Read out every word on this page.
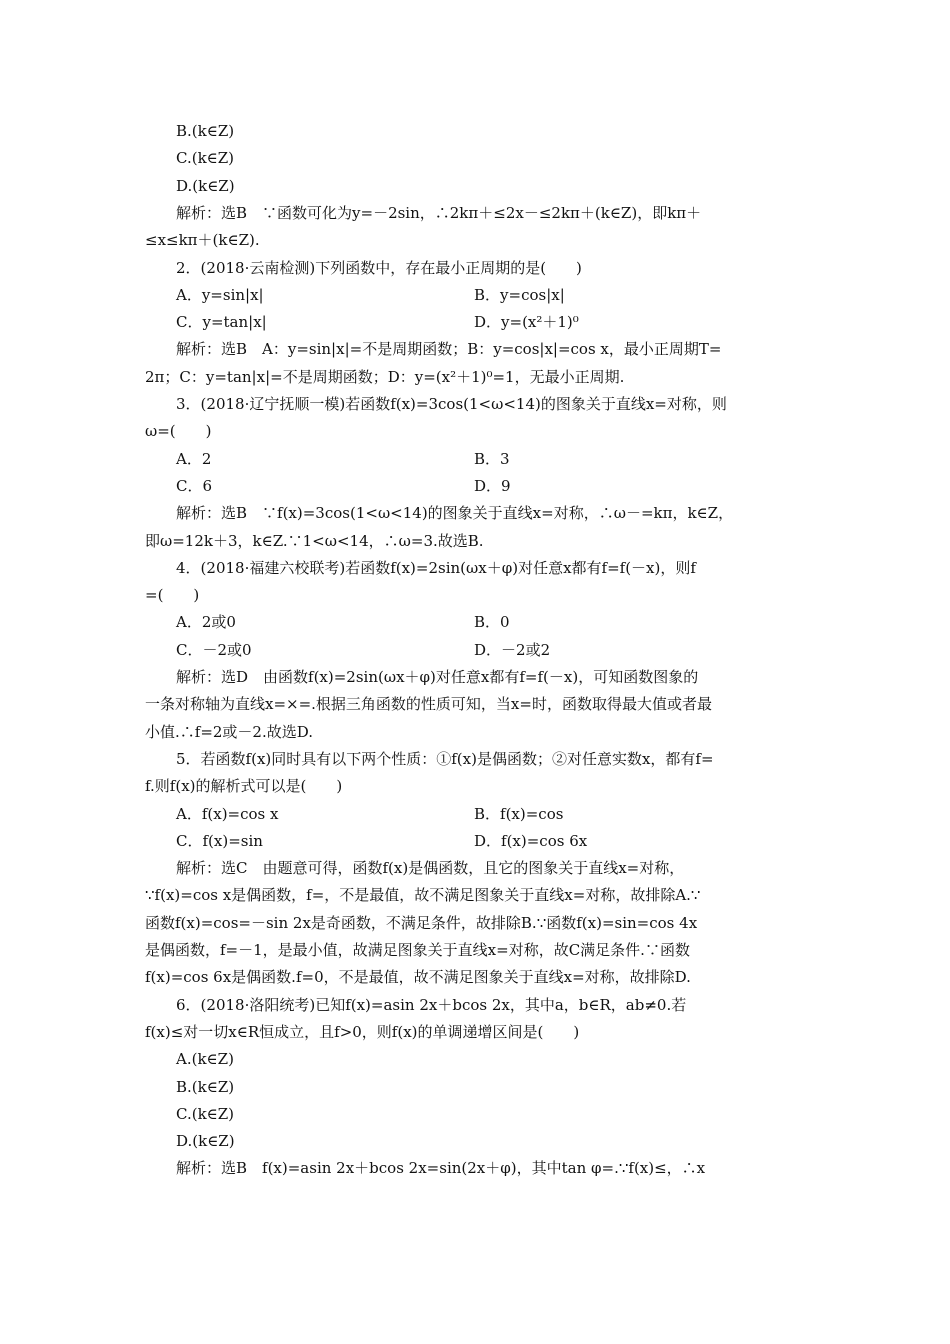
B.(k∈Z)
C.(k∈Z)
D.(k∈Z)
解析：选B　∵函数可化为y=－2sin，∴2kπ＋≤2x－≤2kπ＋(k∈Z)，即kπ＋
≤x≤kπ＋(k∈Z).
2．(2018·云南检测)下列函数中，存在最小正周期的是(　　)
A．y=sin|x|	B．y=cos|x|
C．y=tan|x|	D．y=(x²＋1)⁰
解析：选B　A：y=sin|x|=不是周期函数；B：y=cos|x|=cos x，最小正周期T=
2π；C：y=tan|x|=不是周期函数；D：y=(x²＋1)⁰=1，无最小正周期.
3．(2018·辽宁抚顺一模)若函数f(x)=3cos(1<ω<14)的图象关于直线x=对称，则
ω=(　　)
A．2	B．3
C．6	D．9
解析：选B　∵f(x)=3cos(1<ω<14)的图象关于直线x=对称，∴ω－=kπ，k∈Z，
即ω=12k＋3，k∈Z.∵1<ω<14，∴ω=3.故选B.
4．(2018·福建六校联考)若函数f(x)=2sin(ωx＋φ)对任意x都有f=f(－x)，则f
=(　　)
A．2或0	B．0
C．－2或0	D．－2或2
解析：选D　由函数f(x)=2sin(ωx＋φ)对任意x都有f=f(－x)，可知函数图象的
一条对称轴为直线x=×=.根据三角函数的性质可知，当x=时，函数取得最大值或者最
小值.∴f=2或－2.故选D.
5．若函数f(x)同时具有以下两个性质：①f(x)是偶函数；②对任意实数x，都有f=
f.则f(x)的解析式可以是(　　)
A．f(x)=cos x	B．f(x)=cos
C．f(x)=sin	D．f(x)=cos 6x
解析：选C　由题意可得，函数f(x)是偶函数，且它的图象关于直线x=对称，
∵f(x)=cos x是偶函数，f=，不是最值，故不满足图象关于直线x=对称，故排除A.∵
函数f(x)=cos=－sin 2x是奇函数，不满足条件，故排除B.∵函数f(x)=sin=cos 4x
是偶函数，f=－1，是最小值，故满足图象关于直线x=对称，故C满足条件.∵函数
f(x)=cos 6x是偶函数.f=0，不是最值，故不满足图象关于直线x=对称，故排除D.
6．(2018·洛阳统考)已知f(x)=asin 2x＋bcos 2x，其中a，b∈R，ab≠0.若
f(x)≤对一切x∈R恒成立，且f>0，则f(x)的单调递增区间是(　　)
A.(k∈Z)
B.(k∈Z)
C.(k∈Z)
D.(k∈Z)
解析：选B　f(x)=asin 2x＋bcos 2x=sin(2x＋φ)，其中tan φ=.∵f(x)≤，∴x
